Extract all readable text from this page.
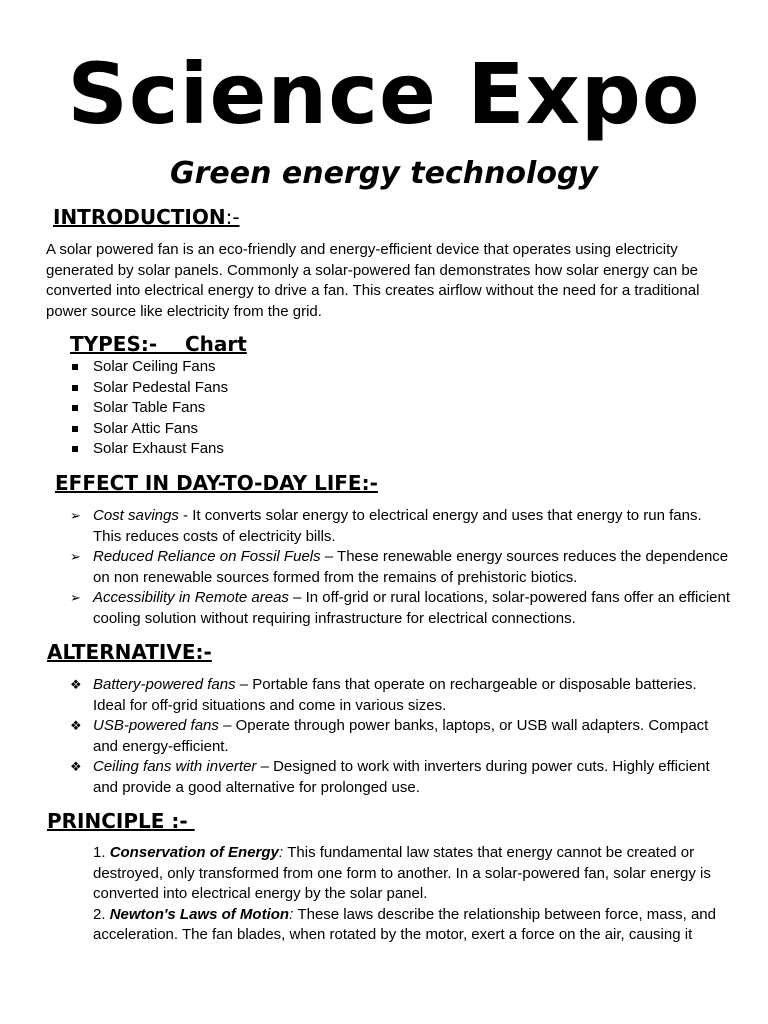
Science Expo
Green energy technology
INTRODUCTION:-

A solar powered fan is an eco-friendly and energy-efficient device that operates using electricity generated by solar panels. Commonly a solar-powered fan demonstrates how solar energy can be converted into electrical energy to drive a fan. This creates airflow without the need for a traditional power source like electricity from the grid.

TYPES:-    Chart
Solar Ceiling Fans
Solar Pedestal Fans
Solar Table Fans
Solar Attic Fans
Solar Exhaust Fans
EFFECT IN DAY-TO-DAY LIFE:-
➢ Cost savings - It converts solar energy to electrical energy and uses that energy to run fans. This reduces costs of electricity bills.
➢ Reduced Reliance on Fossil Fuels – These renewable energy sources reduces the dependence on non renewable sources formed from the remains of prehistoric biotics.
➢ Accessibility in Remote areas – In off-grid or rural locations, solar-powered fans offer an efficient cooling solution without requiring infrastructure for electrical connections.
ALTERNATIVE:-
❖ Battery-powered fans – Portable fans that operate on rechargeable or disposable batteries. Ideal for off-grid situations and come in various sizes.
❖ USB-powered fans – Operate through power banks, laptops, or USB wall adapters. Compact and energy-efficient.
❖ Ceiling fans with inverter – Designed to work with inverters during power cuts. Highly efficient and provide a good alternative for prolonged use.
PRINCIPLE :-
1. Conservation of Energy: This fundamental law states that energy cannot be created or destroyed, only transformed from one form to another. In a solar-powered fan, solar energy is converted into electrical energy by the solar panel.
2. Newton's Laws of Motion: These laws describe the relationship between force, mass, and acceleration. The fan blades, when rotated by the motor, exert a force on the air, causing it
